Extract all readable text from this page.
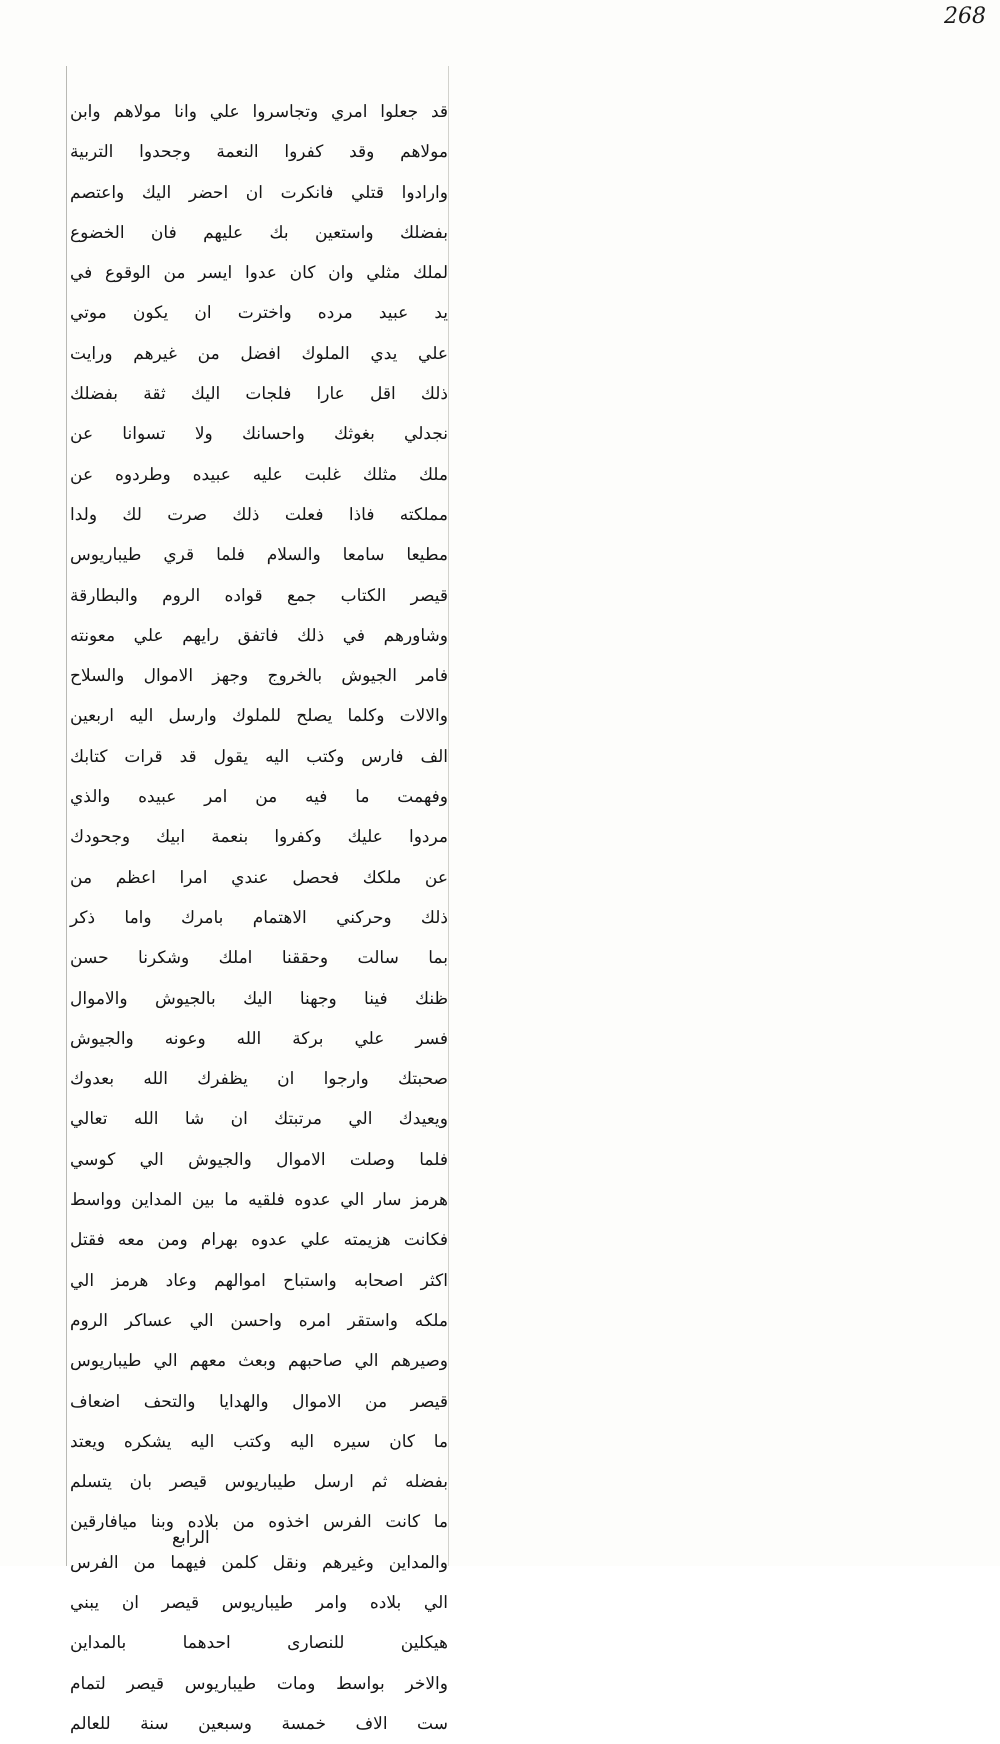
268
قد جعلوا امري وتجاسروا علي وانا مولاهم وابن
مولاهم وقد كفروا النعمة وجحدوا التربية
وارادوا قتلي فانكرت ان احضر اليك واعتصم
بفضلك واستعين بك عليهم فان الخضوع
لملك مثلي وان كان عدوا ايسر من الوقوع في
يد عبيد مرده واخترت ان يكون موتي
علي يدي الملوك افضل من غيرهم ورايت
ذلك اقل عارا فلجات اليك ثقة بفضلك
نجدلي بغوثك واحسانك ولا تسوانا عن
ملك مثلك غلبت عليه عبيده وطردوه عن
مملكته فاذا فعلت ذلك صرت لك ولدا
مطيعا سامعا والسلام فلما قري طيباريوس
قيصر الكتاب جمع قواده الروم والبطارقة
وشاورهم في ذلك فاتفق رايهم علي معونته
فامر الجيوش بالخروج وجهز الاموال والسلاح
والالات وكلما يصلح للملوك وارسل اليه اربعين
الف فارس وكتب اليه يقول قد قرات كتابك
وفهمت ما فيه من امر عبيده والذي
مردوا عليك وكفروا بنعمة ابيك وجحودك
عن ملكك فحصل عندي امرا اعظم من
ذلك وحركني الاهتمام بامرك واما ذكر
بما سالت وحققنا املك وشكرنا حسن
ظنك فينا وجهنا اليك بالجيوش والاموال
فسر علي بركة الله وعونه والجيوش
صحبتك وارجوا ان يظفرك الله بعدوك
ويعيدك الي مرتبتك ان شا الله تعالي
فلما وصلت الاموال والجيوش الي كوسي
هرمز سار الي عدوه فلقيه ما بين المداين وواسط
فكانت هزيمته علي عدوه بهرام ومن معه فقتل
اكثر اصحابه واستباح اموالهم وعاد هرمز الي
ملكه واستقر امره واحسن الي عساكر الروم
وصيرهم الي صاحبهم وبعث معهم الي طيباريوس
قيصر من الاموال والهدايا والتحف اضعاف
ما كان سيره اليه وكتب اليه يشكره ويعتد
بفضله ثم ارسل طيباريوس قيصر بان يتسلم
ما كانت الفرس اخذوه من بلاده وبنا ميافارقين
والمداين وغيرهم ونقل كلمن فيهما من الفرس
الي بلاده وامر طيباريوس قيصر ان يبني
هيكلين للنصارى احدهما بالمداين
والاخر بواسط ومات طيباريوس قيصر لتمام
ست الاف خمسة وسبعين سنة للعالم
الرابع
